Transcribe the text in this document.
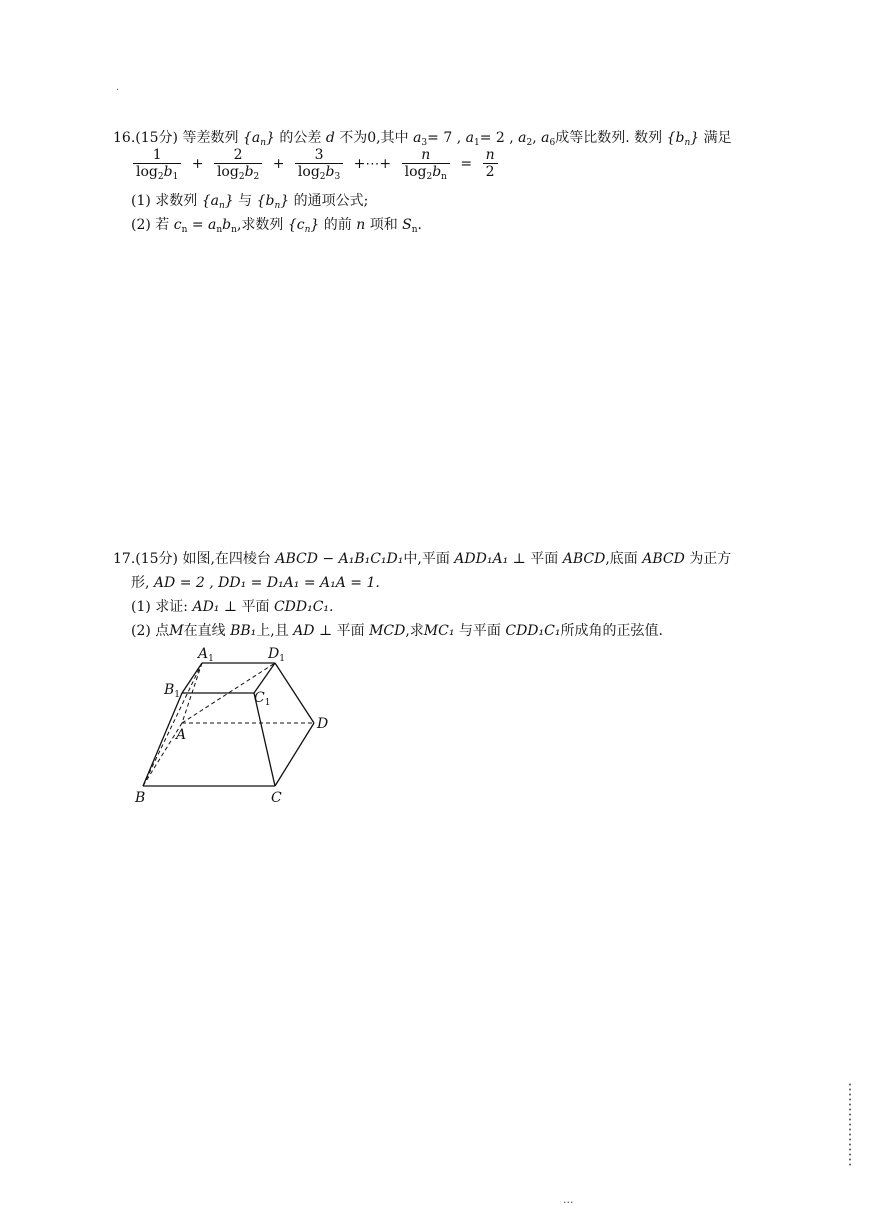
.
16.(15分) 等差数列 $\{a_n\}$ 的公差 d 不为0,其中 $a_3= 7$ , $a_1= 2$ , $a_2$, $a_6$成等比数列. 数列 $\{b_n\}$ 满足
$\frac{1}{\log_2b_1} + \frac{2}{\log_2b_2} + \frac{3}{\log_2b_3}$ +⋯+ $\frac{n}{\log_2b_n} = \frac{n}{2}$
(1) 求数列 $\{a_n\}$ 与 $\{b_n\}$ 的通项公式;
(2) 若 $c_n = a_nb_n$,求数列 $\{c_n\}$ 的前 n 项和 $S_n$.
17.(15分) 如图,在四棱台 ABCD − A₁B₁C₁D₁中,平面 ADD₁A₁ ⊥ 平面 ABCD,底面 ABCD 为正方
形, AD = 2 , DD₁ = D₁A₁ = A₁A = 1.
(1) 求证: AD₁ ⊥ 平面 CDD₁C₁.
(2) 点M在直线 BB₁上,且 AD ⊥ 平面 MCD,求MC₁ 与平面 CDD₁C₁所成角的正弦值.
$A_1$	$D_1$
$B_1$	$C_1$
A
D
B	C
···
